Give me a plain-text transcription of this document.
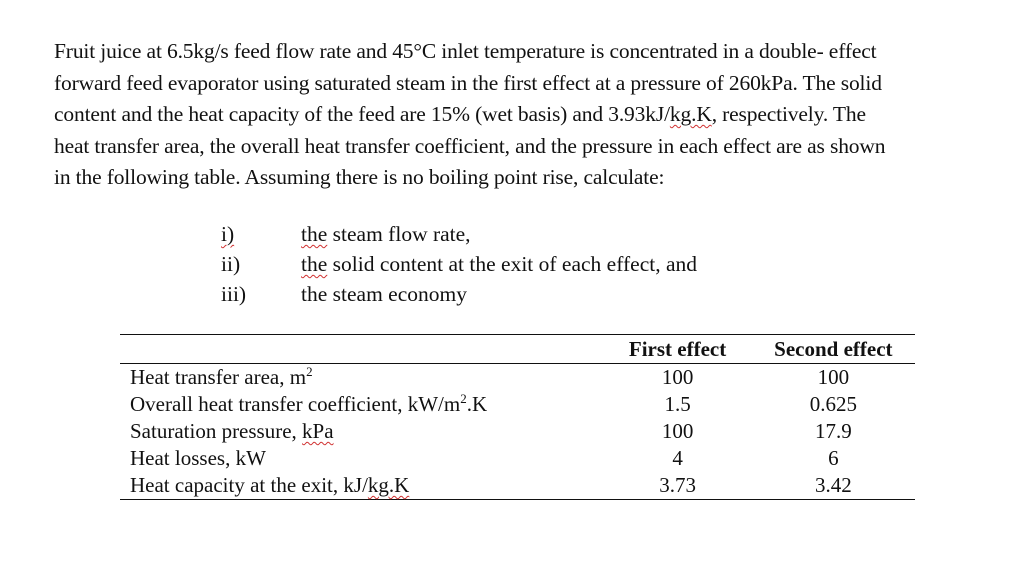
Fruit juice at 6.5kg/s feed flow rate and 45°C inlet temperature is concentrated in a double- effect
forward feed evaporator using saturated steam in the first effect at a pressure of 260kPa. The solid
content and the heat capacity of the feed are 15% (wet basis) and 3.93kJ/kg.K, respectively. The
heat transfer area, the overall heat transfer coefficient, and the pressure in each effect are as shown
in the following table. Assuming there is no boiling point rise, calculate:

i)	the steam flow rate,
ii)	the solid content at the exit of each effect, and
iii)	the steam economy
	First effect	Second effect
Heat transfer area, $m^2$	100	100
Overall heat transfer coefficient, $kW/m^2.K$	1.5	0.625
Saturation pressure, kPa	100	17.9
Heat losses, kW	4	6
Heat capacity at the exit, kJ/kg.K	3.73	3.42
